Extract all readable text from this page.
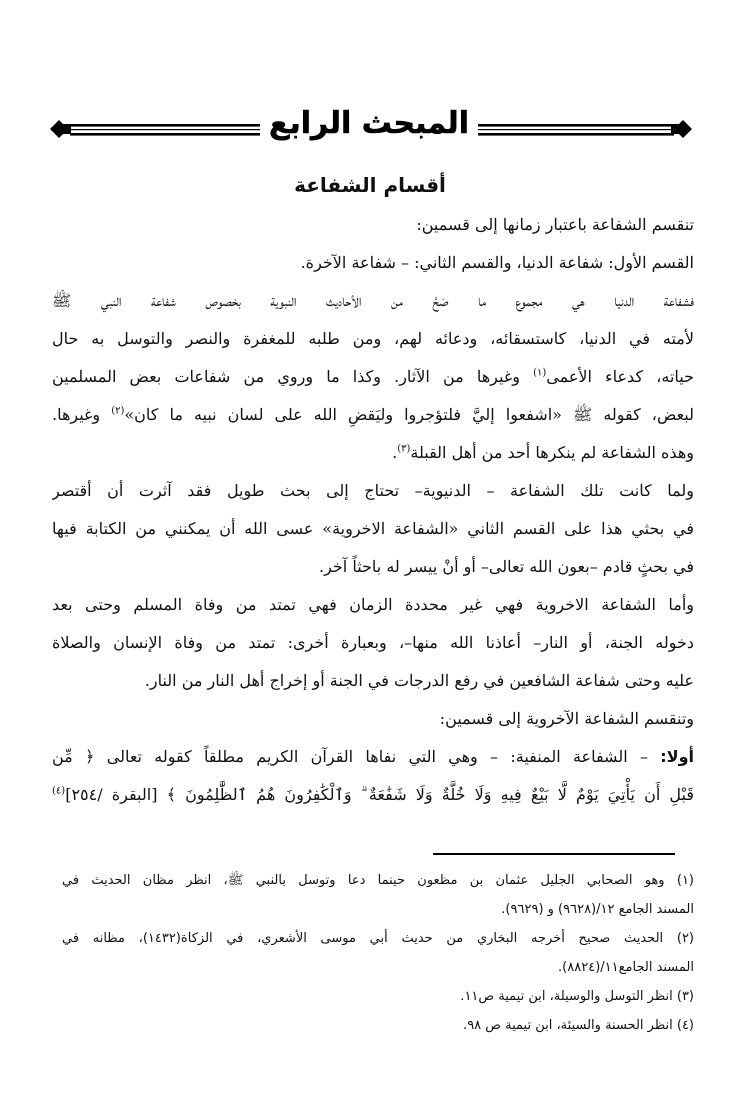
المبحث الرابع
أقسام الشفاعة
تنقسم الشفاعة باعتبار زمانها إلى قسمين:
القسم الأول: شفاعة الدنيا، والقسم الثاني: – شفاعة الآخرة.
فشفاعة الدنيا هي مجموع ما صَحَّ من الأحاديث النبوية بخصوص شفاعة النبي ﷺ
لأمته في الدنيا، كاستسقائه، ودعائه لهم، ومن طلبه للمغفرة والنصر والتوسل به حال
حياته، كدعاء الأعمى$^{(١)}$ وغيرها من الآثار. وكذا ما وروي من شفاعات بعض المسلمين
لبعض، كقوله ﷺ «اشفعوا إليَّ فلتؤجروا وليَقضِ الله على لسان نبيه ما كان»$^{(٢)}$ وغيرها.
وهذه الشفاعة لم ينكرها أحد من أهل القبلة$^{(٣)}$.
ولما كانت تلك الشفاعة – الدنيوية– تحتاج إلى بحث طويل فقد آثرت أن أقتصر
في بحثي هذا على القسم الثاني «الشفاعة الاخروية» عسى الله أن يمكنني من الكتابة فيها
في بحثٍ قادم –بعون الله تعالى– أو أنْ ييسر له باحثاً آخر.
وأما الشفاعة الاخروية فهي غير محددة الزمان فهي تمتد من وفاة المسلم وحتى بعد
دخوله الجنة، أو النار– أعاذنا الله منها–، وبعبارة أخرى: تمتد من وفاة الإنسان والصلاة
عليه وحتى شفاعة الشافعين في رفع الدرجات في الجنة أو إخراج أهل النار من النار.
وتنقسم الشفاعة الآخروية إلى قسمين:
أولا: – الشفاعة المنفية: – وهي التي نفاها القرآن الكريم مطلقاً كقوله تعالى ﴿ مِّن
قَبْلِ أَن يَأْتِيَ يَوْمٌ لَّا بَيْعٌ فِيهِ وَلَا خُلَّةٌ وَلَا شَفَٰعَةٌ ۗ وَٱلْكَٰفِرُونَ هُمُ ٱلظَّٰلِمُونَ ﴾ [البقرة /٢٥٤]$^{(٤)}$
(١) وهو الصحابي الجليل عثمان بن مظعون حينما دعا وتوسل بالنبي ﷺ، انظر مظان الحديث في
المسند الجامع ١٢/(٩٦٢٨) و (٩٦٢٩).
(٢) الحديث صحيح أخرجه البخاري من حديث أبي موسى الأشعري، في الزكاة(١٤٣٢)، مظانه في
المسند الجامع١١/(٨٨٢٤).
(٣) انظر التوسل والوسيلة، ابن تيمية ص١١.
(٤) انظر الحسنة والسيئة، ابن تيمية ص ٩٨.
